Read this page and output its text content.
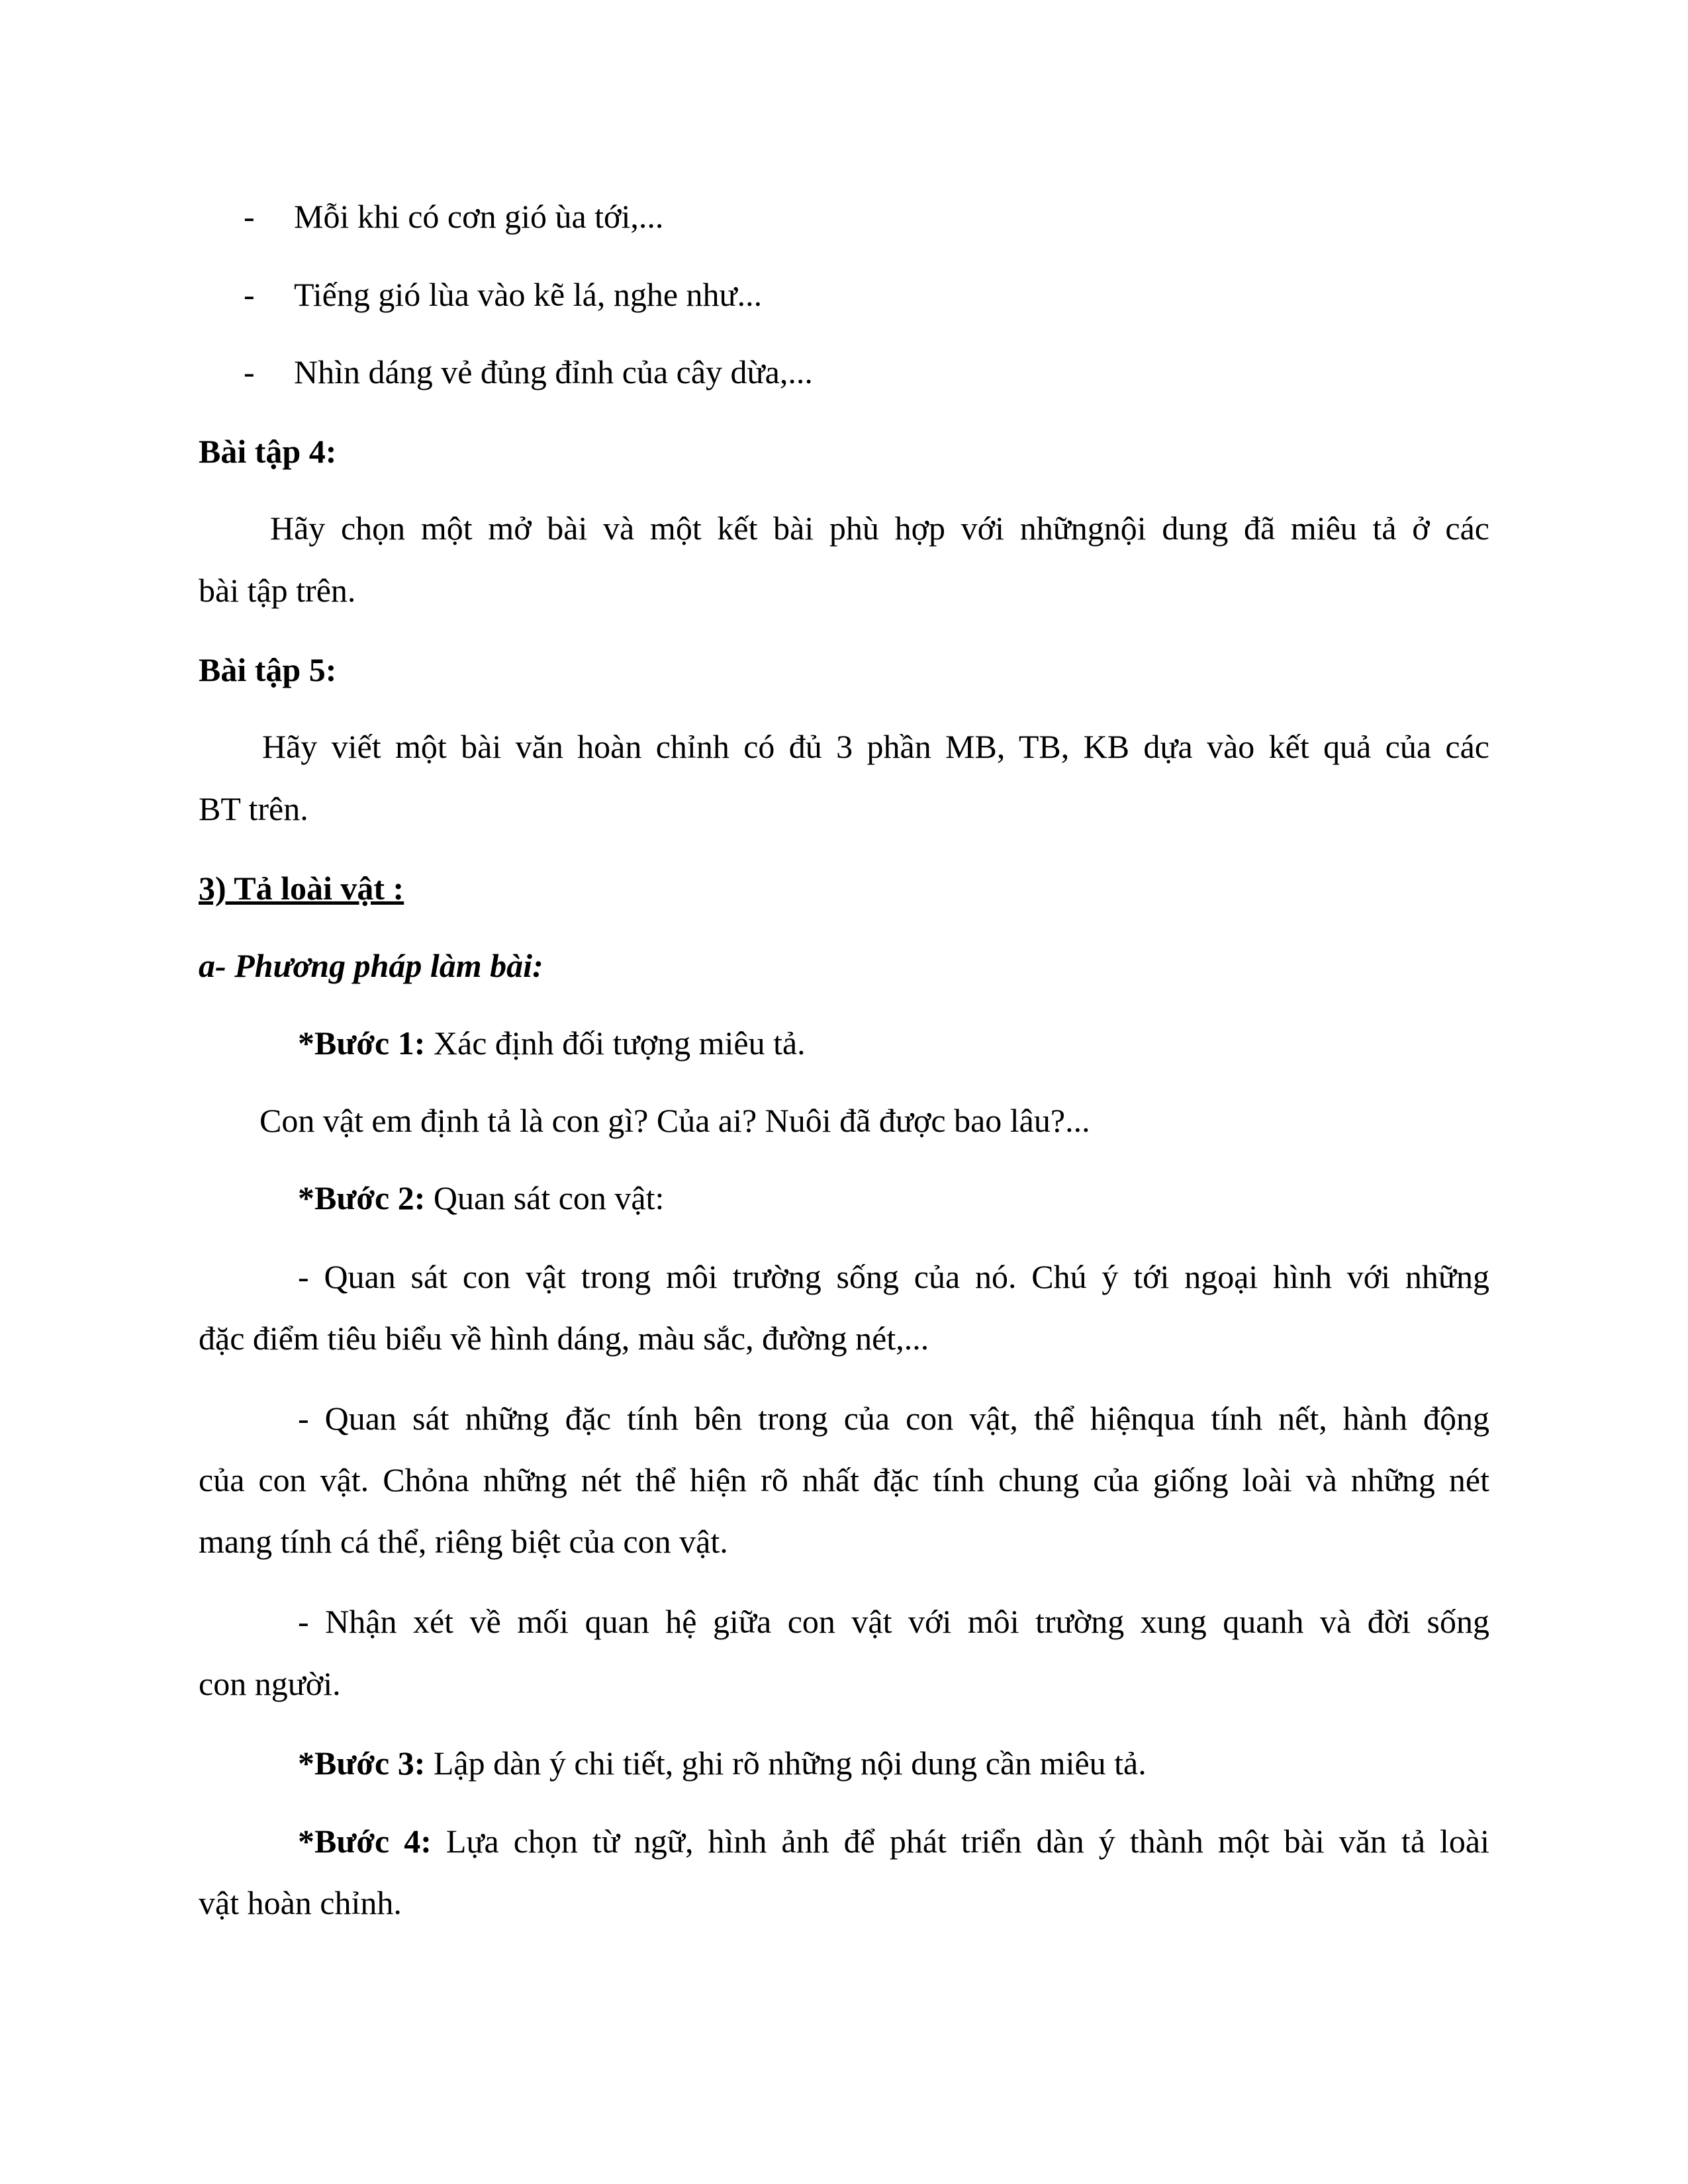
- Mỗi khi có cơn gió ùa tới,...
- Tiếng gió lùa vào kẽ lá, nghe như...
- Nhìn dáng vẻ đủng đỉnh của cây dừa,...
Bài tập 4:
Hãy chọn một mở bài và một kết bài phù hợp với nhữngnội dung đã miêu tả ở các
bài tập trên.
Bài tập 5:
Hãy viết một bài văn hoàn chỉnh có đủ 3 phần MB, TB, KB dựa vào kết quả của các
BT trên.
3) Tả loài vật :
a- Phương pháp làm bài:
*Bước 1: Xác định đối tượng miêu tả.
Con vật em định tả là con gì? Của ai? Nuôi đã được bao lâu?...
*Bước 2: Quan sát con vật:
- Quan sát con vật trong môi trường sống của nó. Chú ý tới ngoại hình với những
đặc điểm tiêu biểu về hình dáng, màu sắc, đường nét,...
- Quan sát những đặc tính bên trong của con vật, thể hiệnqua tính nết, hành động
của con vật. Chỏna những nét thể hiện rõ nhất đặc tính chung của giống loài và những nét
mang tính cá thể, riêng biệt của con vật.
- Nhận xét về mối quan hệ giữa con vật với môi trường xung quanh và đời sống
con người.
*Bước 3: Lập dàn ý chi tiết, ghi rõ những nội dung cần miêu tả.
*Bước 4: Lựa chọn từ ngữ, hình ảnh để phát triển dàn ý thành một bài văn tả loài
vật hoàn chỉnh.
